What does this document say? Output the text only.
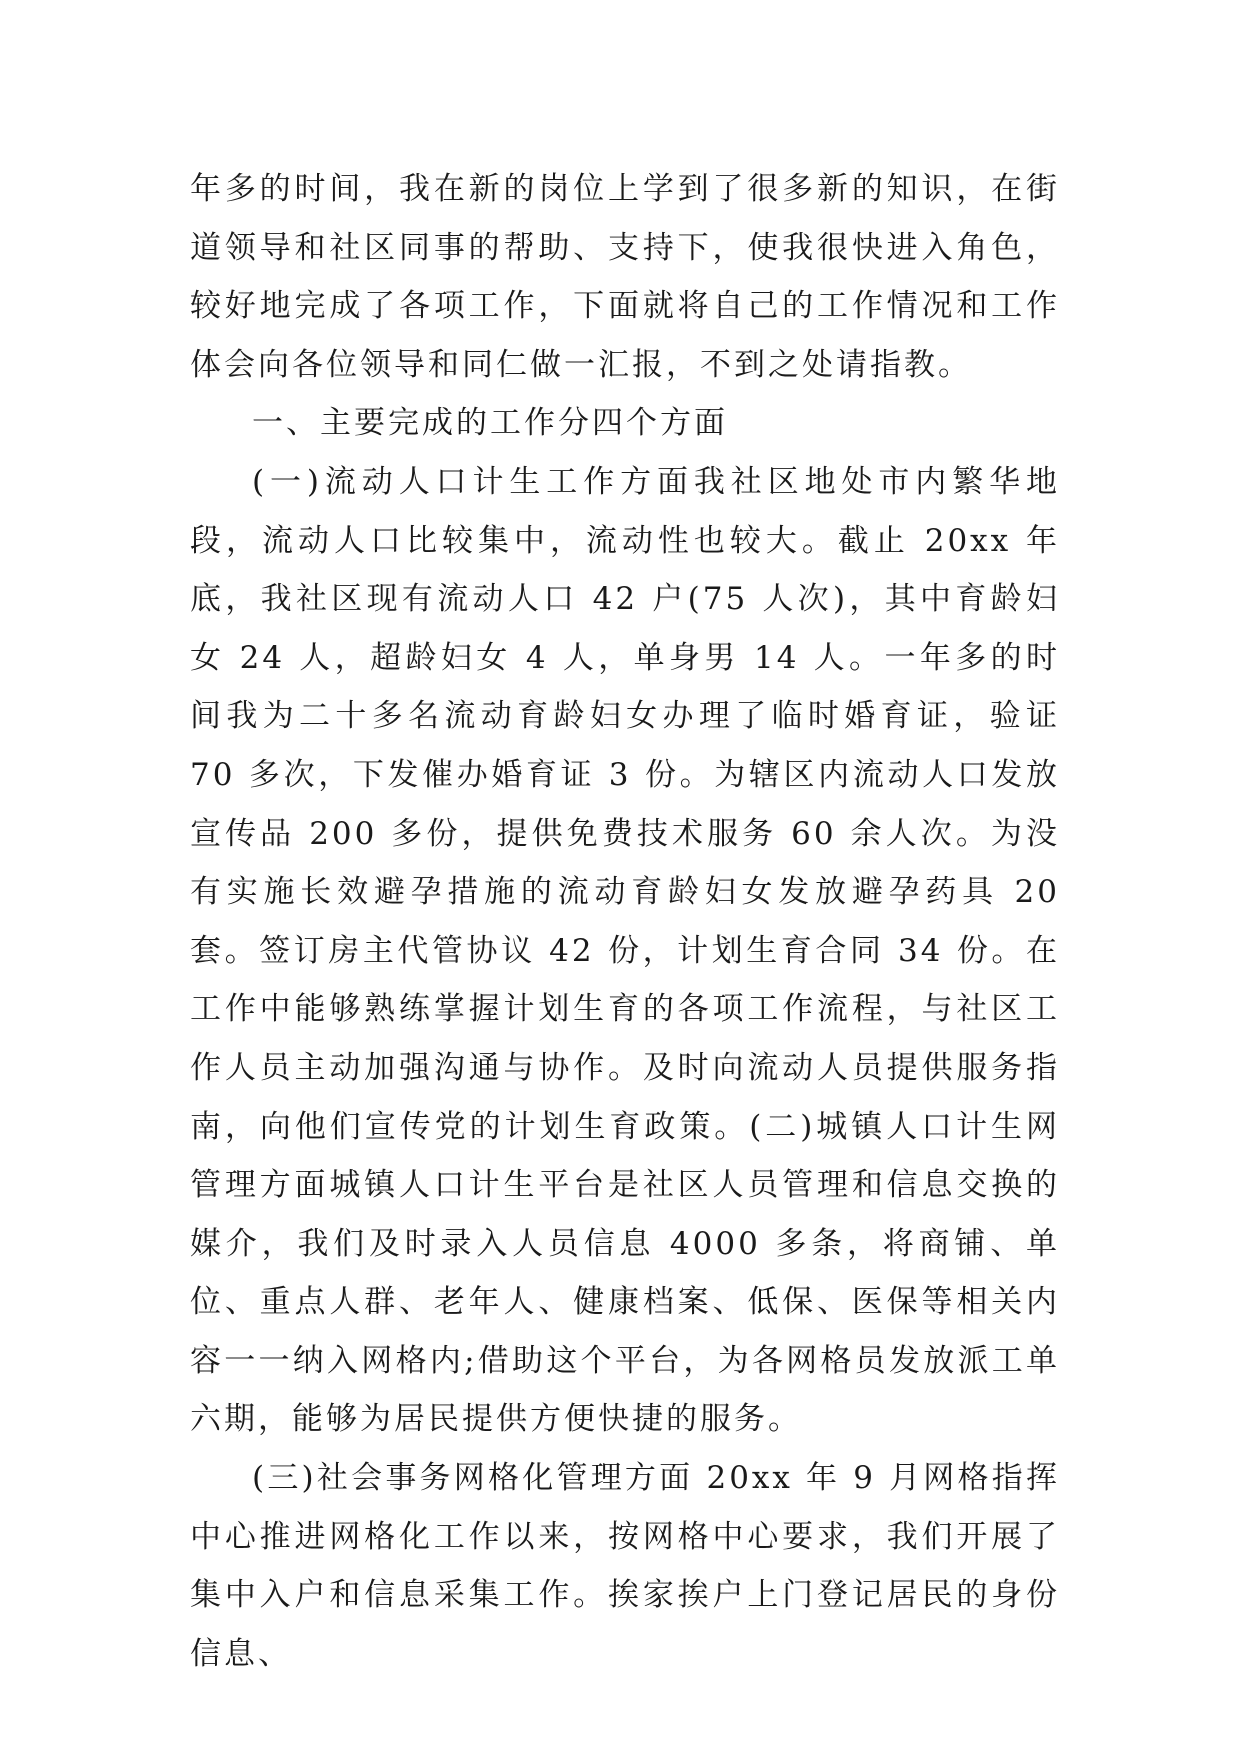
年多的时间，我在新的岗位上学到了很多新的知识，在街道领导和社区同事的帮助、支持下，使我很快进入角色，较好地完成了各项工作，下面就将自己的工作情况和工作体会向各位领导和同仁做一汇报，不到之处请指教。

一、主要完成的工作分四个方面

(一)流动人口计生工作方面我社区地处市内繁华地段，流动人口比较集中，流动性也较大。截止 20xx 年底，我社区现有流动人口 42 户(75 人次)，其中育龄妇女 24 人，超龄妇女 4 人，单身男 14 人。一年多的时间我为二十多名流动育龄妇女办理了临时婚育证，验证 70 多次，下发催办婚育证 3 份。为辖区内流动人口发放宣传品 200 多份，提供免费技术服务 60 余人次。为没有实施长效避孕措施的流动育龄妇女发放避孕药具 20 套。签订房主代管协议 42 份，计划生育合同 34 份。在工作中能够熟练掌握计划生育的各项工作流程，与社区工作人员主动加强沟通与协作。及时向流动人员提供服务指南，向他们宣传党的计划生育政策。(二)城镇人口计生网管理方面城镇人口计生平台是社区人员管理和信息交换的媒介，我们及时录入人员信息 4000 多条，将商铺、单位、重点人群、老年人、健康档案、低保、医保等相关内容一一纳入网格内;借助这个平台，为各网格员发放派工单六期，能够为居民提供方便快捷的服务。

(三)社会事务网格化管理方面 20xx 年 9 月网格指挥中心推进网格化工作以来，按网格中心要求，我们开展了集中入户和信息采集工作。挨家挨户上门登记居民的身份信息、
